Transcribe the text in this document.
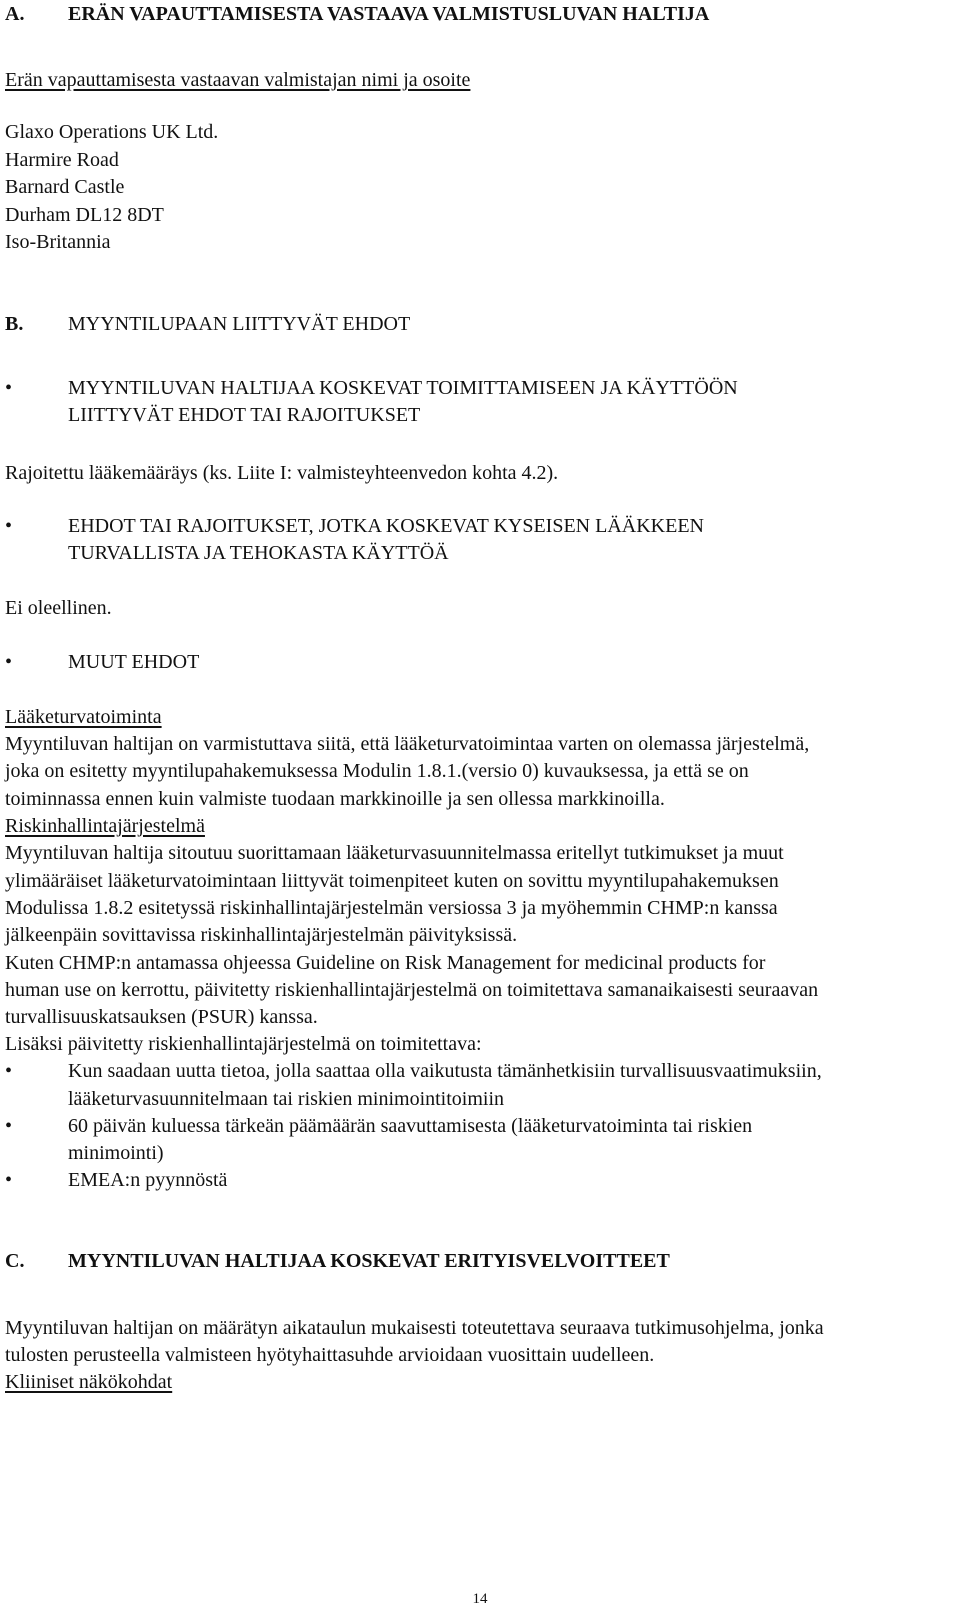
A. ERÄN VAPAUTTAMISESTA VASTAAVA VALMISTUSLUVAN HALTIJA
Erän vapauttamisesta vastaavan valmistajan nimi ja osoite
Glaxo Operations UK Ltd.
Harmire Road
Barnard Castle
Durham DL12 8DT
Iso-Britannia
B. MYYNTILUPAAN LIITTYVÄT EHDOT
•	MYYNTILUVAN HALTIJAA KOSKEVAT TOIMITTAMISEEN JA KÄYTTÖÖN
LIITTYVÄT EHDOT TAI RAJOITUKSET
Rajoitettu lääkemääräys (ks. Liite I: valmisteyhteenvedon kohta 4.2).
•	EHDOT TAI RAJOITUKSET, JOTKA KOSKEVAT KYSEISEN LÄÄKKEEN
TURVALLISTA JA TEHOKASTA KÄYTTÖÄ
Ei oleellinen.
•	MUUT EHDOT
Lääketurvatoiminta
Myyntiluvan haltijan on varmistuttava siitä, että lääketurvatoimintaa varten on olemassa järjestelmä,
joka on esitetty myyntilupahakemuksessa Modulin 1.8.1.(versio 0) kuvauksessa, ja että se on
toiminnassa ennen kuin valmiste tuodaan markkinoille ja sen ollessa markkinoilla.
Riskinhallintajärjestelmä
Myyntiluvan haltija sitoutuu suorittamaan lääketurvasuunnitelmassa eritellyt tutkimukset ja muut
ylimääräiset lääketurvatoimintaan liittyvät toimenpiteet kuten on sovittu myyntilupahakemuksen
Modulissa 1.8.2 esitetyssä riskinhallintajärjestelmän versiossa 3 ja myöhemmin CHMP:n kanssa
jälkeenpäin sovittavissa riskinhallintajärjestelmän päivityksissä.
Kuten CHMP:n antamassa ohjeessa Guideline on Risk Management for medicinal products for
human use on kerrottu, päivitetty riskienhallintajärjestelmä on toimitettava samanaikaisesti seuraavan
turvallisuuskatsauksen (PSUR) kanssa.
Lisäksi päivitetty riskienhallintajärjestelmä on toimitettava:
•	Kun saadaan uutta tietoa, jolla saattaa olla vaikutusta tämänhetkisiin turvallisuusvaatimuksiin,
lääketurvasuunnitelmaan tai riskien minimointitoimiin
•	60 päivän kuluessa tärkeän päämäärän saavuttamisesta (lääketurvatoiminta tai riskien
minimointi)
•	EMEA:n pyynnöstä
C. MYYNTILUVAN HALTIJAA KOSKEVAT ERITYISVELVOITTEET
Myyntiluvan haltijan on määrätyn aikataulun mukaisesti toteutettava seuraava tutkimusohjelma, jonka
tulosten perusteella valmisteen hyötyhaittasuhde arvioidaan vuosittain uudelleen.
Kliiniset näkökohdat
14
